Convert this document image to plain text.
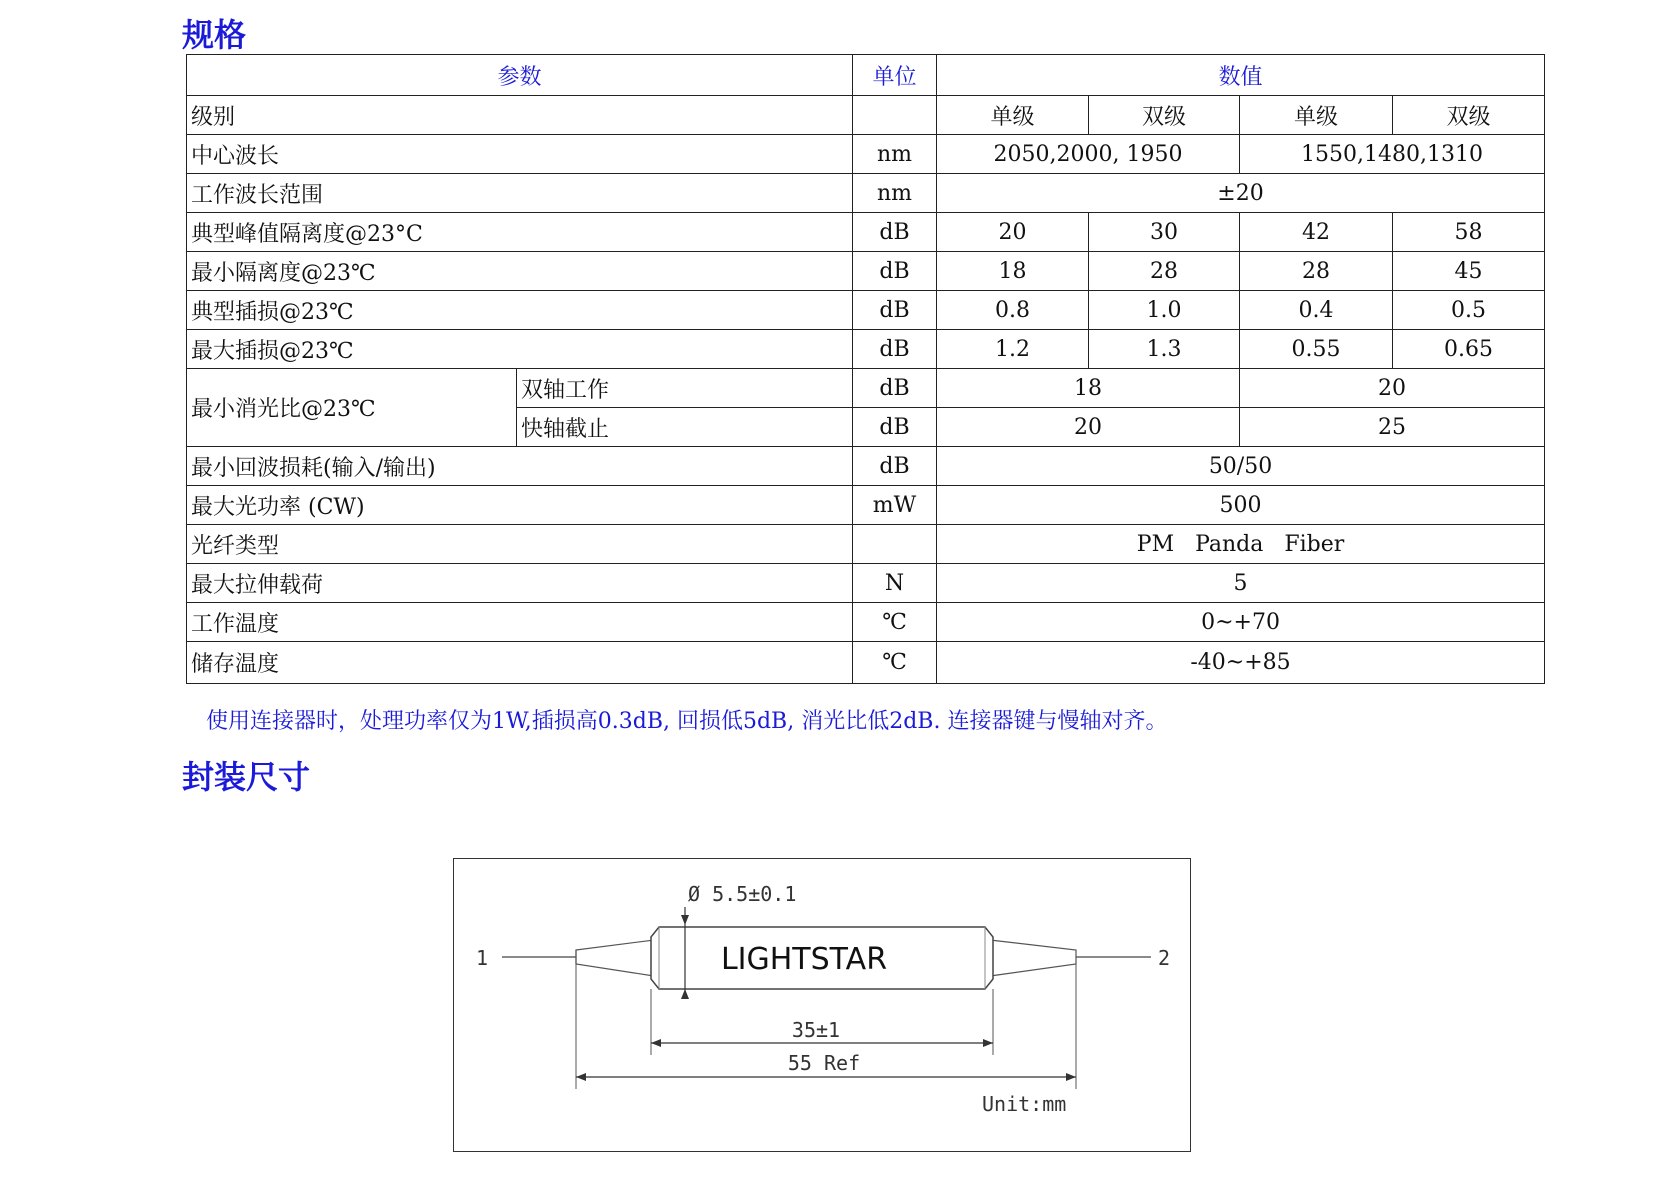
规格
参数		单位	数值			
级别			单级	双级	单级	双级
中心波长		nm	2050,2000, 1950		1550,1480,1310	
工作波长范围		nm	±20			
典型峰值隔离度@23°C		dB	20	30	42	58
最小隔离度@23℃		dB	18	28	28	45
典型插损@23℃		dB	0.8	1.0	0.4	0.5
最大插损@23℃		dB	1.2	1.3	0.55	0.65
最小消光比@23℃	双轴工作	dB	18		20	
	快轴截止	dB	20		25	
最小回波损耗(输入/输出)		dB	50/50			
最大光功率 (CW)		mW	500			
光纤类型			PM   Panda   Fiber			
最大拉伸载荷		N	5			
工作温度		℃	0~+70			
储存温度		℃	-40~+85			

使用连接器时，处理功率仅为1W,插损高0.3dB, 回损低5dB, 消光比低2dB. 连接器键与慢轴对齐。

封装尺寸
Ø 5.5±0.1
LIGHTSTAR
1	2
35±1
55 Ref
Unit:mm
